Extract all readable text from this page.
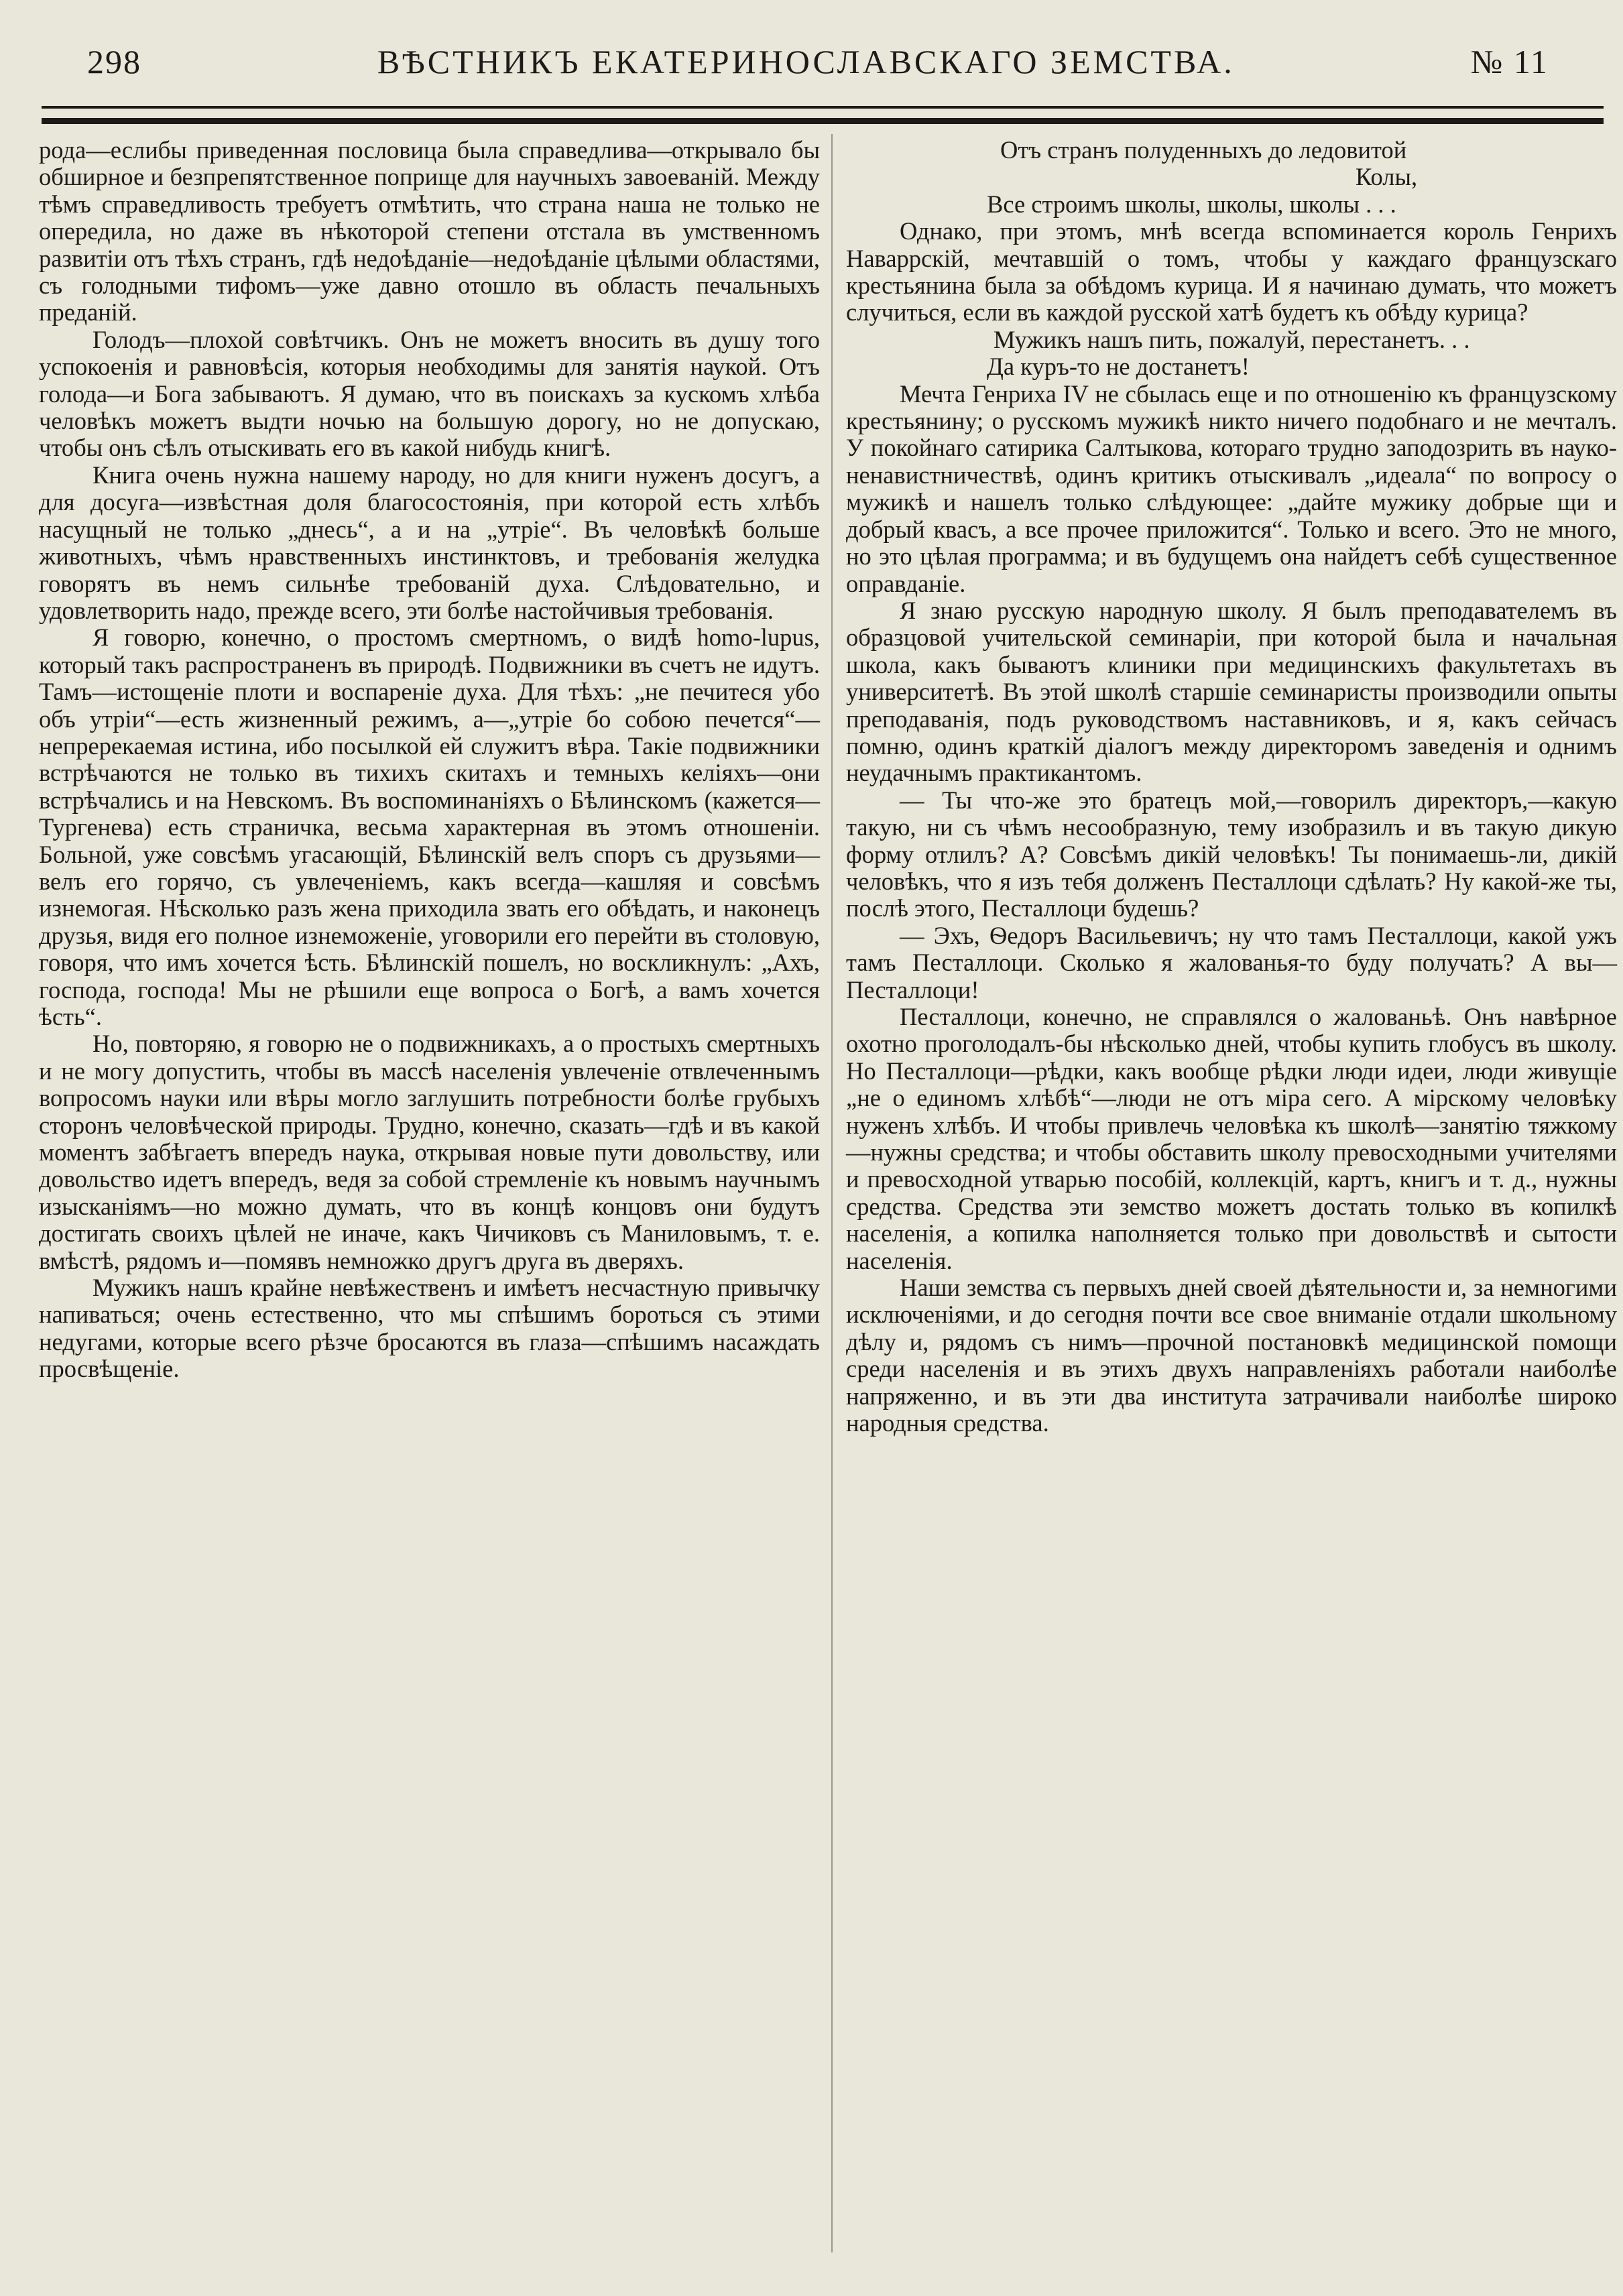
298	ВѢСТНИКЪ ЕКАТЕРИНОСЛАВСКАГО ЗЕМСТВА.	№ 11

рода—еслибы приведенная пословица была справедлива—открывало бы обширное и безпрепятственное поприще для научныхъ завоеваній. Между тѣмъ справедливость требуетъ отмѣтить, что страна наша не только не опередила, но даже въ нѣкоторой степени отстала въ умственномъ развитіи отъ тѣхъ странъ, гдѣ недоѣданіе—недоѣданіе цѣлыми областями, съ голодными тифомъ—уже давно отошло въ область печальныхъ преданій.

Голодъ—плохой совѣтчикъ. Онъ не можетъ вносить въ душу того успокоенія и равновѣсія, которыя необходимы для занятія наукой. Отъ голода—и Бога забываютъ. Я думаю, что въ поискахъ за кускомъ хлѣба человѣкъ можетъ выдти ночью на большую дорогу, но не допускаю, чтобы онъ сѣлъ отыскивать его въ какой нибудь книгѣ.

Книга очень нужна нашему народу, но для книги нуженъ досугъ, а для досуга—извѣстная доля благосостоянія, при которой есть хлѣбъ насущный не только „днесь“, а и на „утріе“. Въ человѣкѣ больше животныхъ, чѣмъ нравственныхъ инстинктовъ, и требованія желудка говорятъ въ немъ сильнѣе требованій духа. Слѣдовательно, и удовлетворить надо, прежде всего, эти болѣе настойчивыя требованія.

Я говорю, конечно, о простомъ смертномъ, о видѣ homo-lupus, который такъ распространенъ въ природѣ. Подвижники въ счетъ не идутъ. Тамъ—истощеніе плоти и воспареніе духа. Для тѣхъ: „не печитеся убо объ утріи“—есть жизненный режимъ, а—„утріе бо собою печется“—непререкаемая истина, ибо посылкой ей служитъ вѣра. Такіе подвижники встрѣчаются не только въ тихихъ скитахъ и темныхъ келіяхъ—они встрѣчались и на Невскомъ. Въ воспоминаніяхъ о Бѣлинскомъ (кажется—Тургенева) есть страничка, весьма характерная въ этомъ отношеніи. Больной, уже совсѣмъ угасающій, Бѣлинскій велъ споръ съ друзьями—велъ его горячо, съ увлеченіемъ, какъ всегда—кашляя и совсѣмъ изнемогая. Нѣсколько разъ жена приходила звать его обѣдать, и наконецъ друзья, видя его полное изнеможеніе, уговорили его перейти въ столовую, говоря, что имъ хочется ѣсть. Бѣлинскій пошелъ, но воскликнулъ: „Ахъ, господа, господа! Мы не рѣшили еще вопроса о Богѣ, а вамъ хочется ѣсть“.

Но, повторяю, я говорю не о подвижникахъ, а о простыхъ смертныхъ и не могу допустить, чтобы въ массѣ населенія увлеченіе отвлеченнымъ вопросомъ науки или вѣры могло заглушить потребности болѣе грубыхъ сторонъ человѣческой природы. Трудно, конечно, сказать—гдѣ и въ какой моментъ забѣгаетъ впередъ наука, открывая новые пути довольству, или довольство идетъ впередъ, ведя за собой стремленіе къ новымъ научнымъ изысканіямъ—но можно думать, что въ концѣ концовъ они будутъ достигать своихъ цѣлей не иначе, какъ Чичиковъ съ Маниловымъ, т. е. вмѣстѣ, рядомъ и—помявъ немножко другъ друга въ дверяхъ.

Мужикъ нашъ крайне невѣжественъ и имѣетъ несчастную привычку напиваться; очень естественно, что мы спѣшимъ бороться съ этими недугами, которые всего рѣзче бросаются въ глаза—спѣшимъ насаждать просвѣщеніе.

Отъ странъ полуденныхъ до ледовитой

Колы,

Все строимъ школы, школы, школы . . .

Однако, при этомъ, мнѣ всегда вспоминается король Генрихъ Наваррскій, мечтавшій о томъ, чтобы у каждаго французскаго крестьянина была за обѣдомъ курица. И я начинаю думать, что можетъ случиться, если въ каждой русской хатѣ будетъ къ обѣду курица?

Мужикъ нашъ пить, пожалуй, перестанетъ. . .

Да куръ-то не достанетъ!

Мечта Генриха IV не сбылась еще и по отношенію къ французскому крестьянину; о русскомъ мужикѣ никто ничего подобнаго и не мечталъ. У покойнаго сатирика Салтыкова, котораго трудно заподозрить въ науко-ненавистничествѣ, одинъ критикъ отыскивалъ „идеала“ по вопросу о мужикѣ и нашелъ только слѣдующее: „дайте мужику добрые щи и добрый квасъ, а все прочее приложится“. Только и всего. Это не много, но это цѣлая программа; и въ будущемъ она найдетъ себѣ существенное оправданіе.

Я знаю русскую народную школу. Я былъ преподавателемъ въ образцовой учительской семинаріи, при которой была и начальная школа, какъ бываютъ клиники при медицинскихъ факультетахъ въ университетѣ. Въ этой школѣ старшіе семинаристы производили опыты преподаванія, подъ руководствомъ наставниковъ, и я, какъ сейчасъ помню, одинъ краткій діалогъ между директоромъ заведенія и однимъ неудачнымъ практикантомъ.

— Ты что-же это братецъ мой,—говорилъ директоръ,—какую такую, ни съ чѣмъ несообразную, тему изобразилъ и въ такую дикую форму отлилъ? А? Совсѣмъ дикій человѣкъ! Ты понимаешь-ли, дикій человѣкъ, что я изъ тебя долженъ Песталлоци сдѣлать? Ну какой-же ты, послѣ этого, Песталлоци будешь?

— Эхъ, Ѳедоръ Васильевичъ; ну что тамъ Песталлоци, какой ужъ тамъ Песталлоци. Сколько я жалованья-то буду получать? А вы—Песталлоци!

Песталлоци, конечно, не справлялся о жалованьѣ. Онъ навѣрное охотно проголодалъ-бы нѣсколько дней, чтобы купить глобусъ въ школу. Но Песталлоци—рѣдки, какъ вообще рѣдки люди идеи, люди живущіе „не о единомъ хлѣбѣ“—люди не отъ міра сего. А мірскому человѣку нуженъ хлѣбъ. И чтобы привлечь человѣка къ школѣ—занятію тяжкому—нужны средства; и чтобы обставить школу превосходными учителями и превосходной утварью пособій, коллекцій, картъ, книгъ и т. д., нужны средства. Средства эти земство можетъ достать только въ копилкѣ населенія, а копилка наполняется только при довольствѣ и сытости населенія.

Наши земства съ первыхъ дней своей дѣятельности и, за немногими исключеніями, и до сегодня почти все свое вниманіе отдали школьному дѣлу и, рядомъ съ нимъ—прочной постановкѣ медицинской помощи среди населенія и въ этихъ двухъ направленіяхъ работали наиболѣе напряженно, и въ эти два института затрачивали наиболѣе широко народныя средства.
